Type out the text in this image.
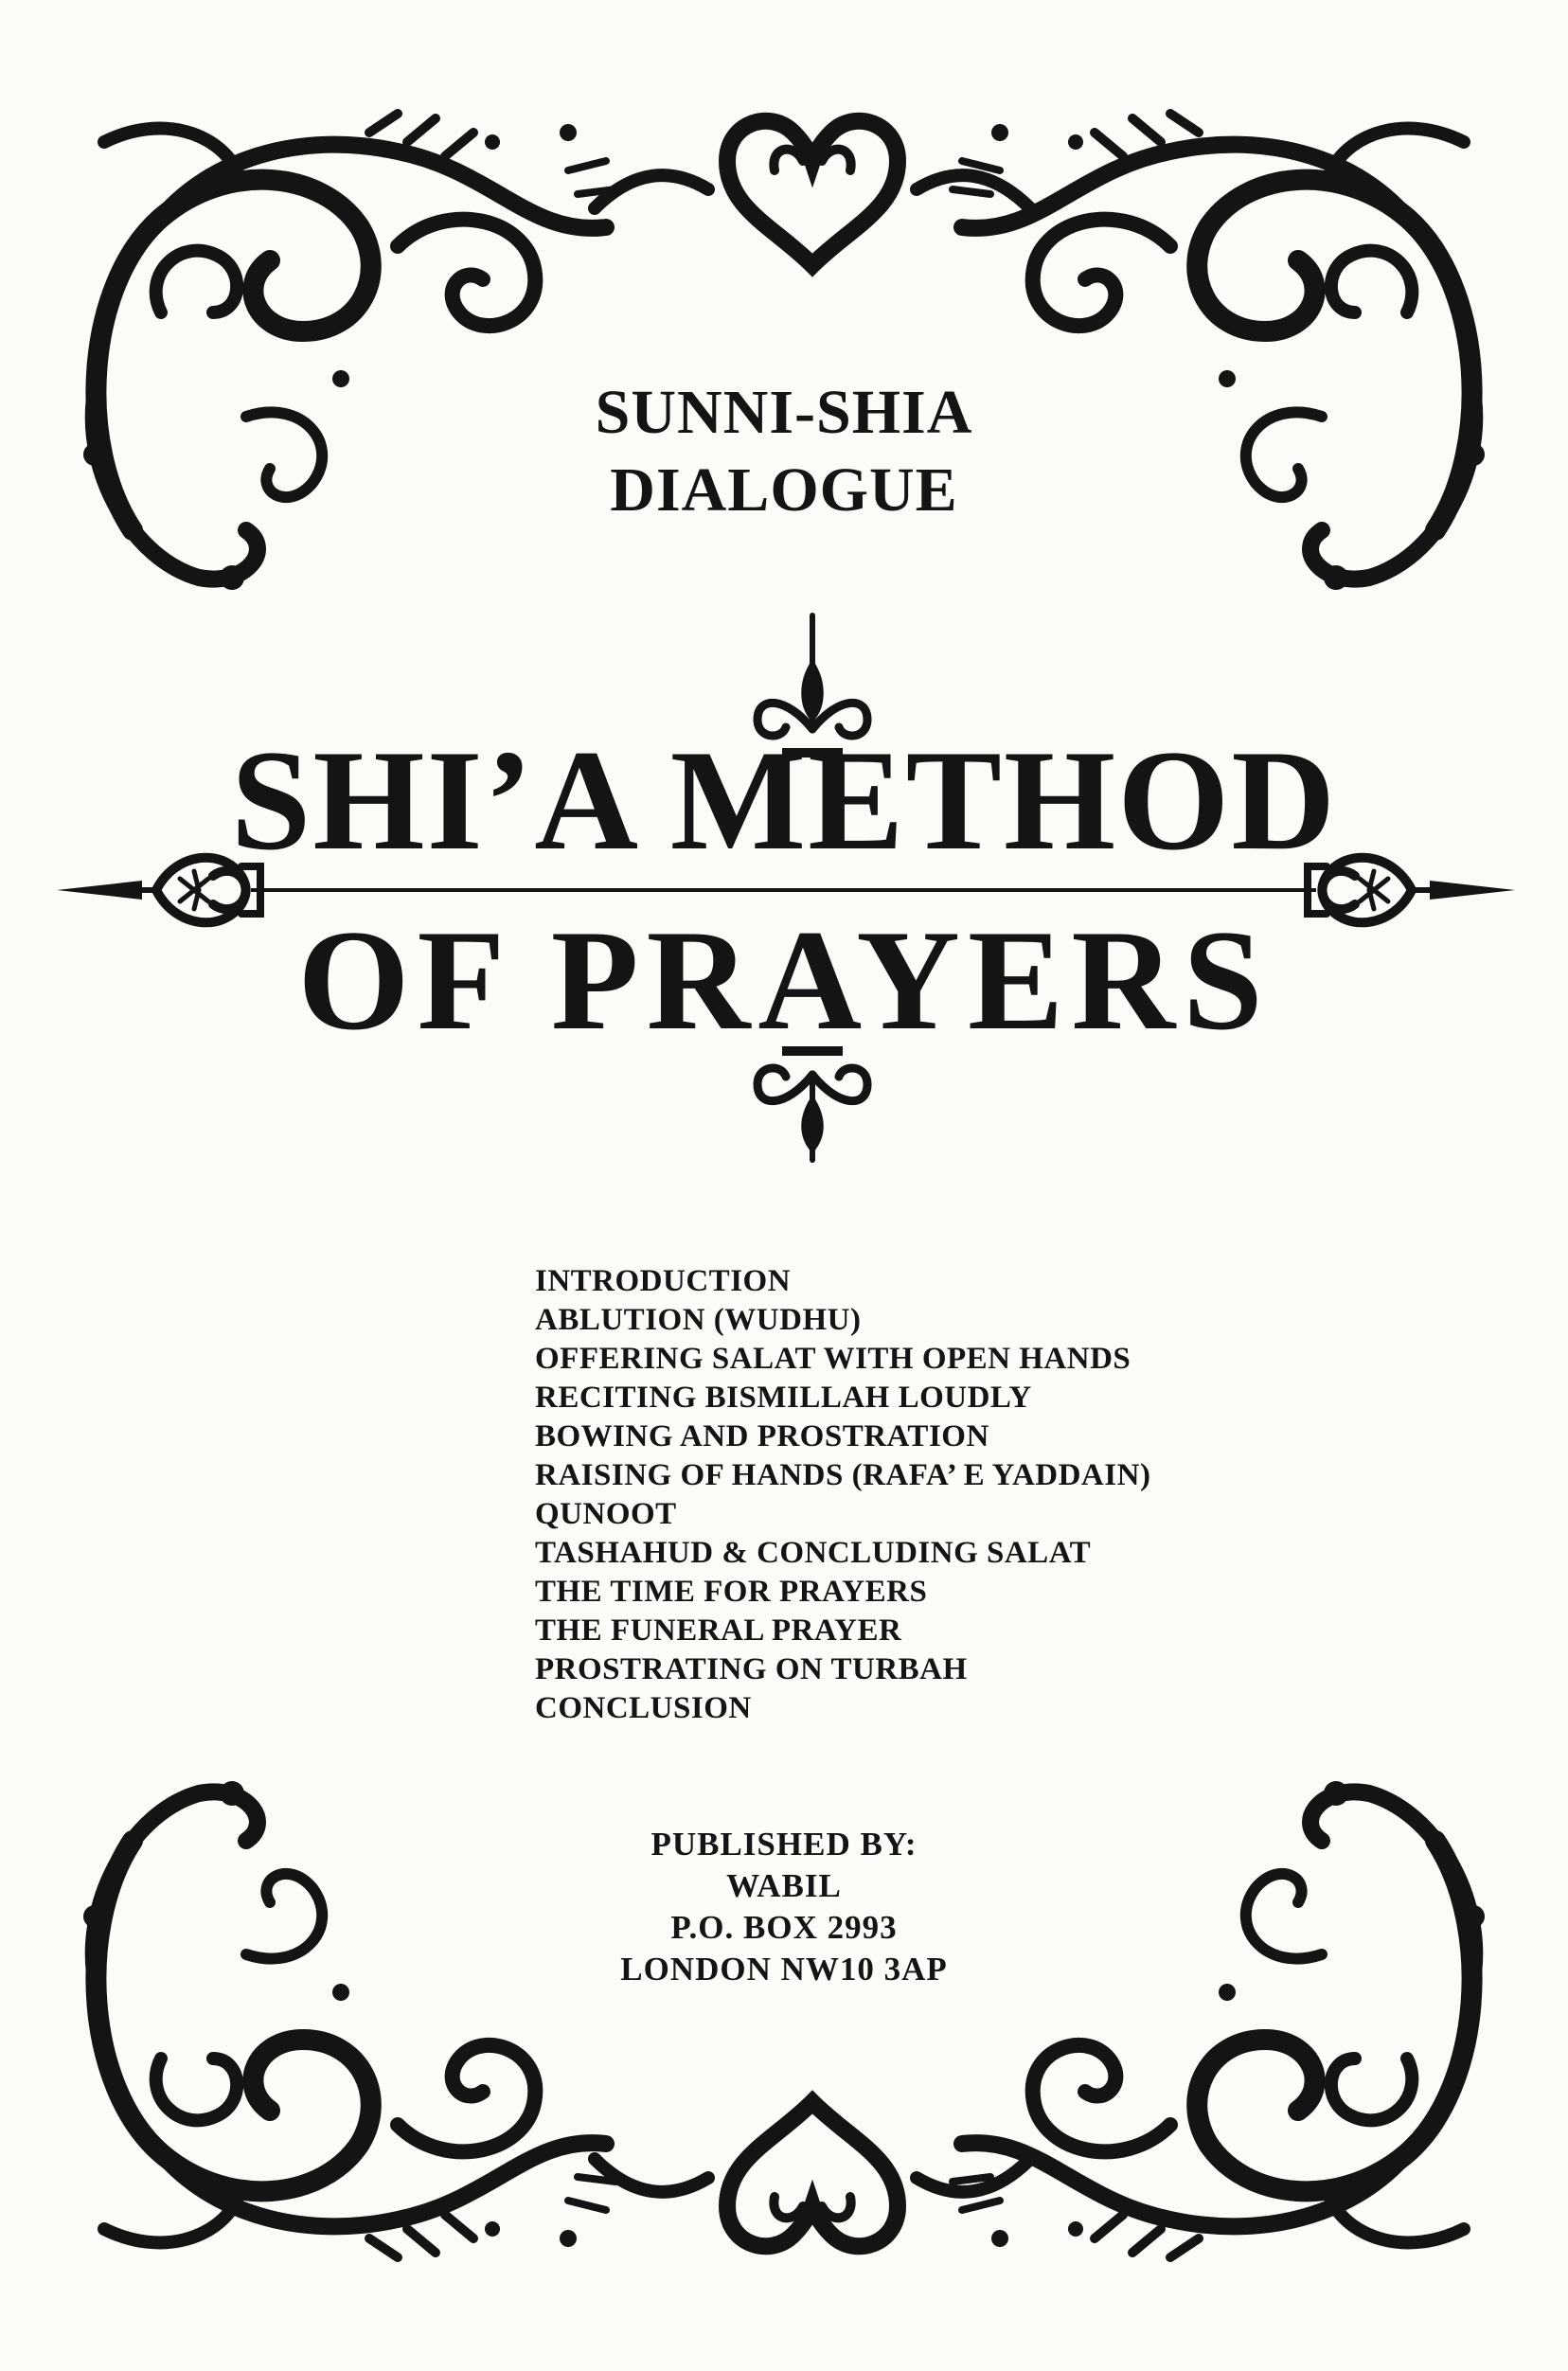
SUNNI-SHIA
DIALOGUE
SHI’A METHOD
OF PRAYERS
INTRODUCTION
ABLUTION (WUDHU)
OFFERING SALAT WITH OPEN HANDS
RECITING BISMILLAH LOUDLY
BOWING AND PROSTRATION
RAISING OF HANDS (RAFA’ E YADDAIN)
QUNOOT
TASHAHUD & CONCLUDING SALAT
THE TIME FOR PRAYERS
THE FUNERAL PRAYER
PROSTRATING ON TURBAH
CONCLUSION
PUBLISHED BY:
WABIL
P.O. BOX 2993
LONDON NW10 3AP
